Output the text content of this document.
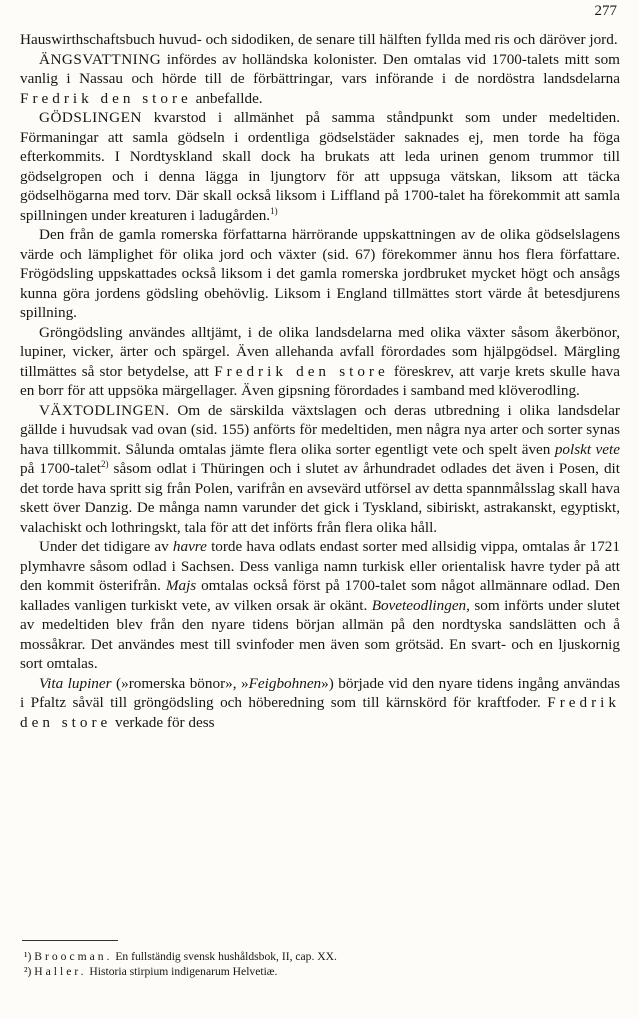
277

Hauswirthschaftsbuch huvud- och sidodiken, de senare till hälften fyllda med ris och däröver jord.

ÄNGSVATTNING infördes av holländska kolonister. Den omtalas vid 1700-talets mitt som vanlig i Nassau och hörde till de förbättringar, vars införande i de nordöstra landsdelarna Fredrik den store anbefallde.

GÖDSLINGEN kvarstod i allmänhet på samma ståndpunkt som under medeltiden. Förmaningar att samla gödseln i ordentliga gödselstäder saknades ej, men torde ha föga efterkommits. I Nordtyskland skall dock ha brukats att leda urinen genom trummor till gödselgropen och i denna lägga in ljungtorv för att uppsuga vätskan, liksom att täcka gödselhögarna med torv. Där skall också liksom i Liffland på 1700-talet ha förekommit att samla spillningen under kreaturen i ladugården.$^{1)}$

Den från de gamla romerska författarna härrörande uppskattningen av de olika gödselslagens värde och lämplighet för olika jord och växter (sid. 67) förekommer ännu hos flera författare. Frögödsling uppskattades också liksom i det gamla romerska jordbruket mycket högt och ansågs kunna göra jordens gödsling obehövlig. Liksom i England tillmättes stort värde åt betesdjurens spillning.

Gröngödsling användes alltjämt, i de olika landsdelarna med olika växter såsom åkerbönor, lupiner, vicker, ärter och spärgel. Även allehanda avfall förordades som hjälpgödsel. Märgling tillmättes så stor betydelse, att Fredrik den store föreskrev, att varje krets skulle hava en borr för att uppsöka märgellager. Även gipsning förordades i samband med klöverodling.

VÄXTODLINGEN. Om de särskilda växtslagen och deras utbredning i olika landsdelar gällde i huvudsak vad ovan (sid. 155) anförts för medeltiden, men några nya arter och sorter synas hava tillkommit. Sålunda omtalas jämte flera olika sorter egentligt vete och spelt även polskt vete på 1700-talet$^{2)}$ såsom odlat i Thüringen och i slutet av århundradet odlades det även i Posen, dit det torde hava spritt sig från Polen, varifrån en avsevärd utförsel av detta spannmålsslag skall hava skett över Danzig. De många namn varunder det gick i Tyskland, sibiriskt, astrakanskt, egyptiskt, valachiskt och lothringskt, tala för att det införts från flera olika håll.

Under det tidigare av havre torde hava odlats endast sorter med allsidig vippa, omtalas år 1721 plymhavre såsom odlad i Sachsen. Dess vanliga namn turkisk eller orientalisk havre tyder på att den kommit österifrån. Majs omtalas också först på 1700-talet som något allmännare odlad. Den kallades vanligen turkiskt vete, av vilken orsak är okänt. Boveteodlingen, som införts under slutet av medeltiden blev från den nyare tidens början allmän på den nordtyska sandslätten och å mossåkrar. Det användes mest till svinfoder men även som grötsäd. En svart- och en ljuskornig sort omtalas.

Vita lupiner (»romerska bönor», »Feigbohnen») började vid den nyare tidens ingång användas i Pfaltz såväl till gröngödsling och höberedning som till kärnskörd för kraftfoder. Fredrik den store verkade för dess

¹) Broocman. En fullständig svensk hushåldsbok, II, cap. XX.

²) Haller. Historia stirpium indigenarum Helvetiæ.
